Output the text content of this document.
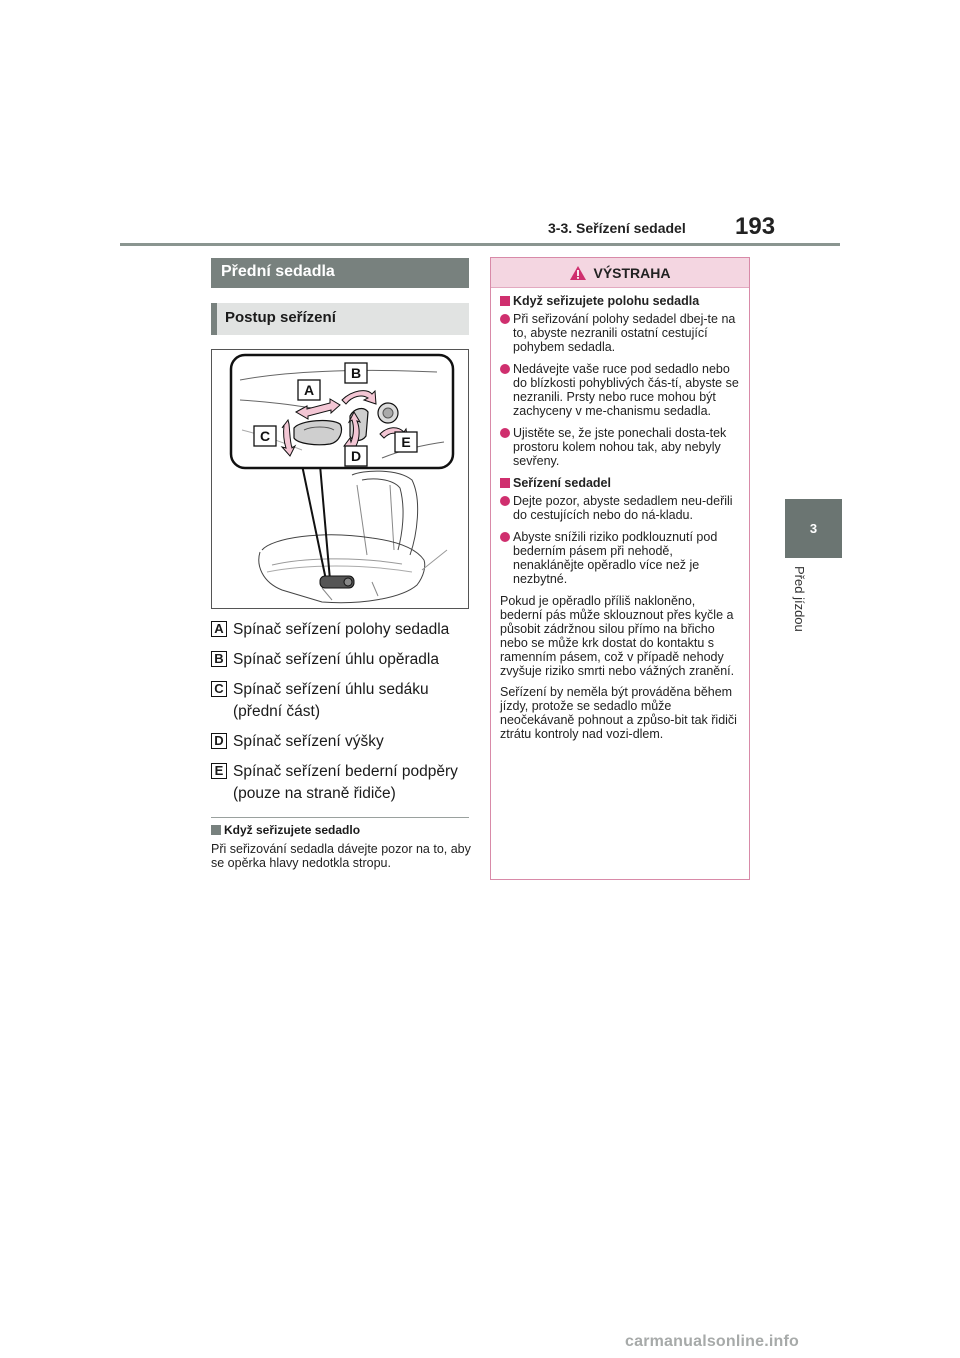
3-3. Seřízení sedadel 193
3
Před jízdou
Přední sedadla
Postup seřízení
A
B
C
D
E
A Spínač seřízení polohy sedadla
B Spínač seřízení úhlu opěradla
C Spínač seřízení úhlu sedáku
(přední část)
D Spínač seřízení výšky
E Spínač seřízení bederní podpěry
(pouze na straně řidiče)
Když seřizujete sedadlo
Při seřizování sedadla dávejte pozor na to, aby se opěrka hlavy nedotkla stropu.
VÝSTRAHA
Když seřizujete polohu sedadla
Při seřizování polohy sedadel dbej-te na to, abyste nezranili ostatní cestující pohybem sedadla.
Nedávejte vaše ruce pod sedadlo nebo do blízkosti pohyblivých čás-tí, abyste se nezranili. Prsty nebo ruce mohou být zachyceny v me-chanismu sedadla.
Ujistěte se, že jste ponechali dosta-tek prostoru kolem nohou tak, aby nebyly sevřeny.
Seřízení sedadel
Dejte pozor, abyste sedadlem neu-deřili do cestujících nebo do ná-kladu.
Abyste snížili riziko podklouznutí pod bederním pásem při nehodě, nenaklánějte opěradlo více než je nezbytné.
Pokud je opěradlo příliš nakloněno, bederní pás může sklouznout přes kyčle a působit zádržnou silou přímo na břicho nebo se může krk dostat do kontaktu s ramenním pásem, což v případě nehody zvyšuje riziko smrti nebo vážných zranění.
Seřízení by neměla být prováděna během jízdy, protože se sedadlo může neočekávaně pohnout a způso-bit tak řidiči ztrátu kontroly nad vozi-dlem.
carmanualsonline.info
